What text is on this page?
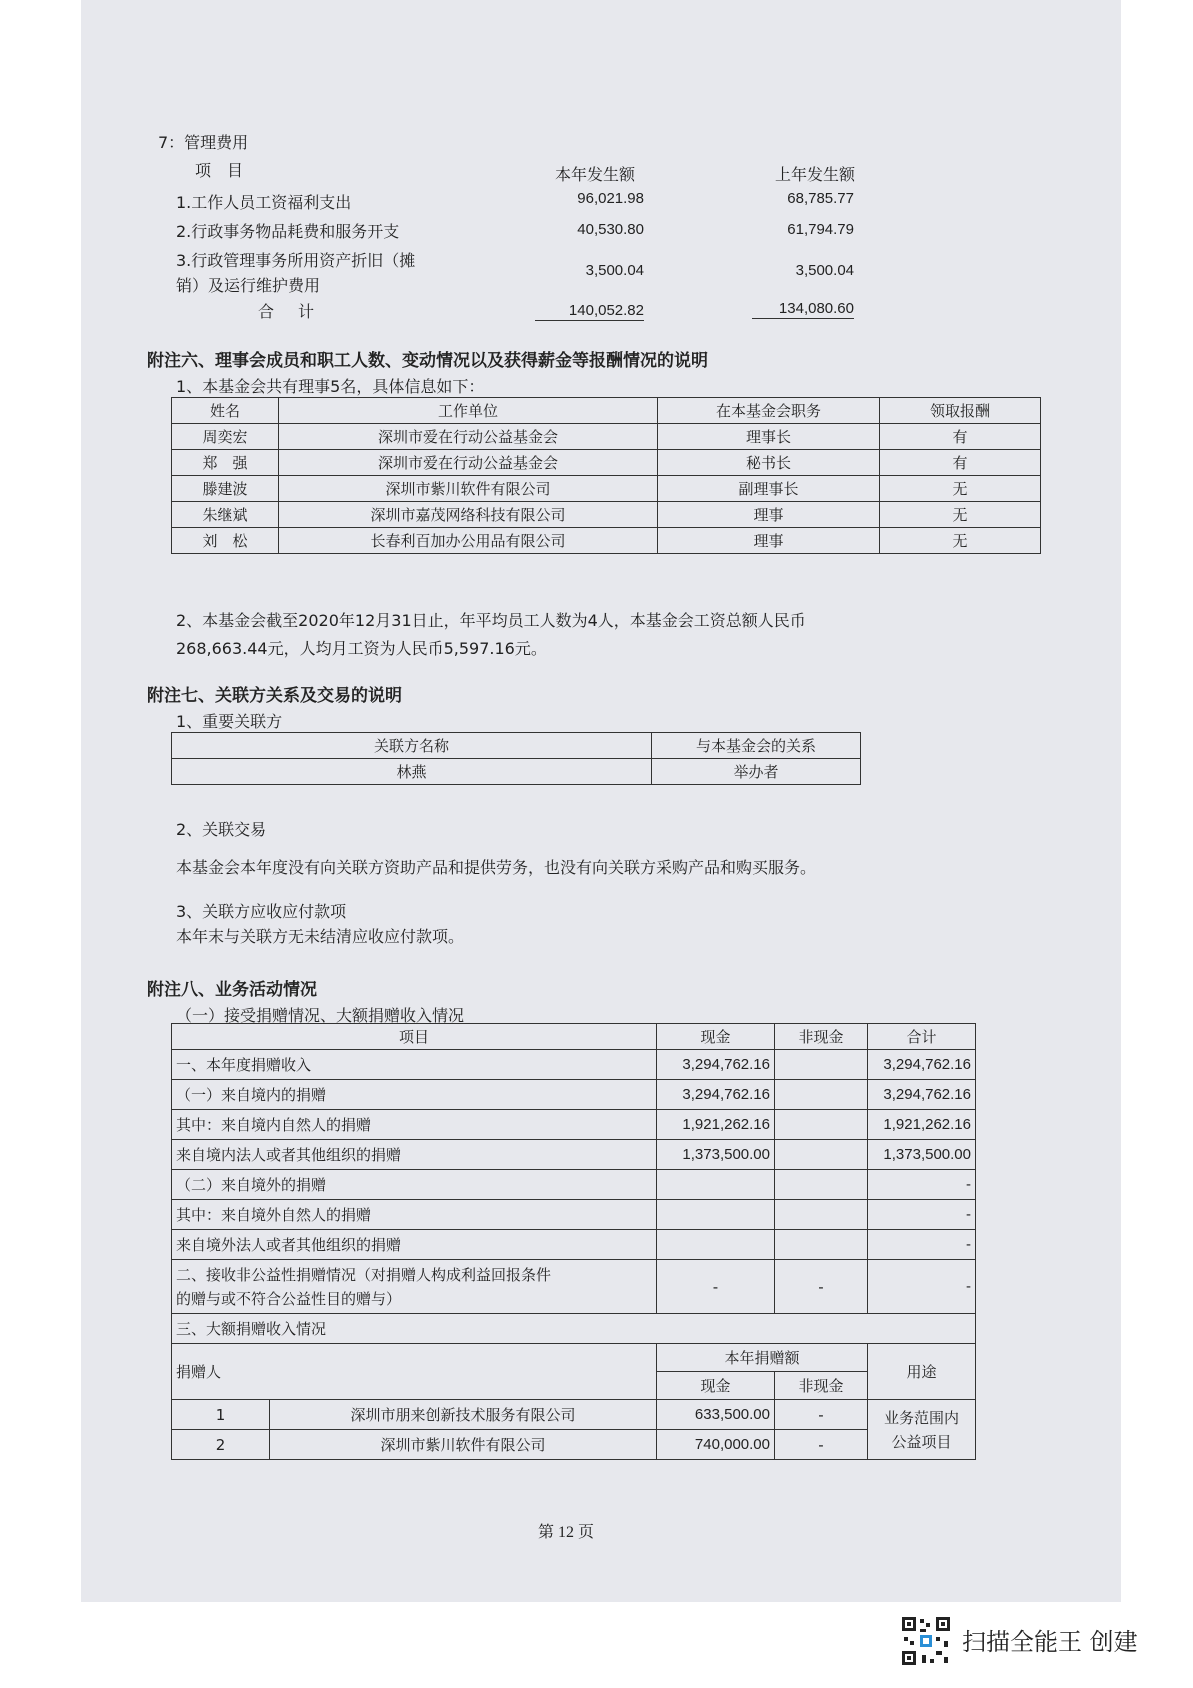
7：管理费用
项　目	本年发生额	上年发生额
1.工作人员工资福利支出	96,021.98	68,785.77
2.行政事务物品耗费和服务开支	40,530.80	61,794.79
3.行政管理事务所用资产折旧（摊
销）及运行维护费用
3,500.04	3,500.04
合计	140,052.82	134,080.60
附注六、理事会成员和职工人数、变动情况以及获得薪金等报酬情况的说明
1、本基金会共有理事5名，具体信息如下：
姓名	工作单位	在本基金会职务	领取报酬
周奕宏	深圳市爱在行动公益基金会	理事长	有
郑　强	深圳市爱在行动公益基金会	秘书长	有
滕建波	深圳市紫川软件有限公司	副理事长	无
朱继斌	深圳市嘉茂网络科技有限公司	理事	无
刘　松	长春利百加办公用品有限公司	理事	无
2、本基金会截至2020年12月31日止，年平均员工人数为4人，本基金会工资总额人民币
268,663.44元，人均月工资为人民币5,597.16元。
附注七、关联方关系及交易的说明
1、重要关联方
关联方名称	与本基金会的关系
林燕	举办者
2、关联交易
本基金会本年度没有向关联方资助产品和提供劳务，也没有向关联方采购产品和购买服务。
3、关联方应收应付款项
本年末与关联方无未结清应收应付款项。
附注八、业务活动情况
（一）接受捐赠情况、大额捐赠收入情况
项目		现金	非现金	合计
一、本年度捐赠收入		3,294,762.16		3,294,762.16
（一）来自境内的捐赠		3,294,762.16		3,294,762.16
其中：来自境内自然人的捐赠		1,921,262.16		1,921,262.16
来自境内法人或者其他组织的捐赠		1,373,500.00		1,373,500.00
（二）来自境外的捐赠				-
其中：来自境外自然人的捐赠				-
来自境外法人或者其他组织的捐赠				-
二、接收非公益性捐赠情况（对捐赠人构成利益回报条件
的赠与或不符合公益性目的赠与）		-	-	-
三、大额捐赠收入情况				
捐赠人		本年捐赠额		用途
		现金	非现金	
1	深圳市朋来创新技术服务有限公司	633,500.00	-	业务范围内
公益项目
2	深圳市紫川软件有限公司	740,000.00	-	
第 12 页
扫描全能王 创建
